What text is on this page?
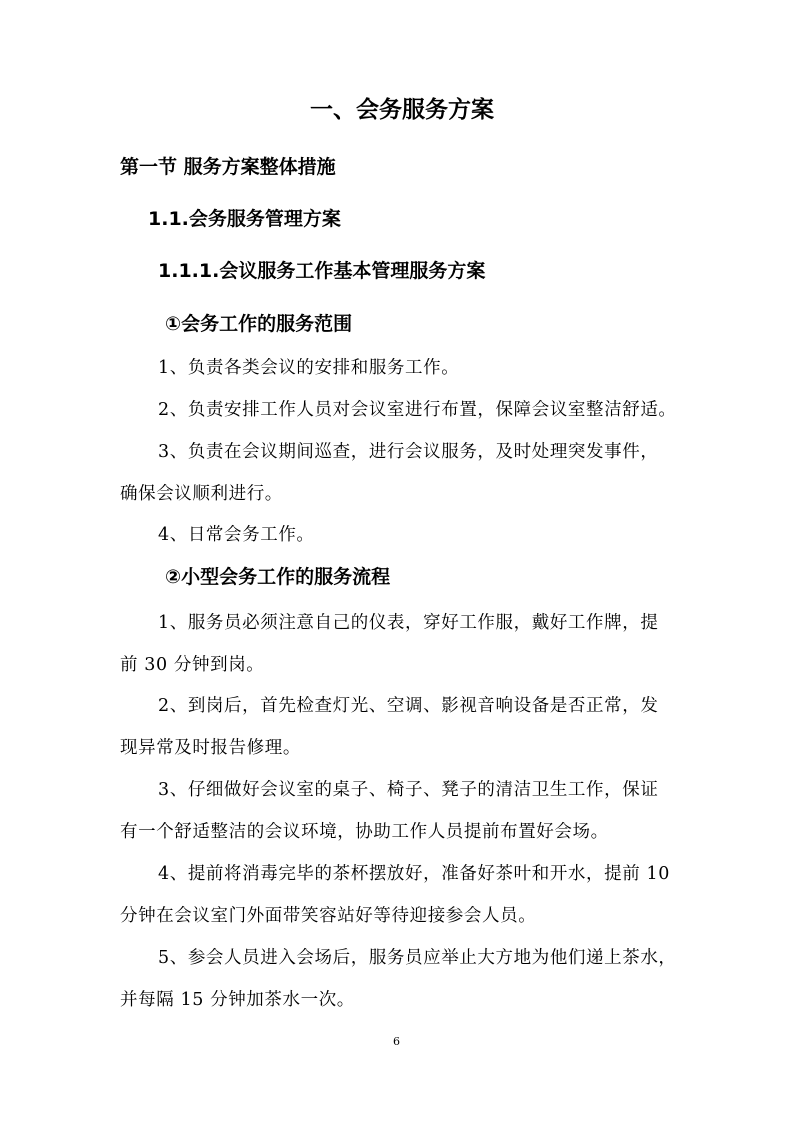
一、会务服务方案
第一节 服务方案整体措施
1.1.会务服务管理方案
1.1.1.会议服务工作基本管理服务方案
①会务工作的服务范围
1、负责各类会议的安排和服务工作。
2、负责安排工作人员对会议室进行布置，保障会议室整洁舒适。
3、负责在会议期间巡查，进行会议服务，及时处理突发事件，
确保会议顺利进行。
4、日常会务工作。
②小型会务工作的服务流程
1、服务员必须注意自己的仪表，穿好工作服，戴好工作牌，提
前 30 分钟到岗。
2、到岗后，首先检查灯光、空调、影视音响设备是否正常，发
现异常及时报告修理。
3、仔细做好会议室的桌子、椅子、凳子的清洁卫生工作，保证
有一个舒适整洁的会议环境，协助工作人员提前布置好会场。
4、提前将消毒完毕的茶杯摆放好，准备好茶叶和开水，提前 10
分钟在会议室门外面带笑容站好等待迎接参会人员。
5、参会人员进入会场后，服务员应举止大方地为他们递上茶水，
并每隔 15 分钟加茶水一次。
6
